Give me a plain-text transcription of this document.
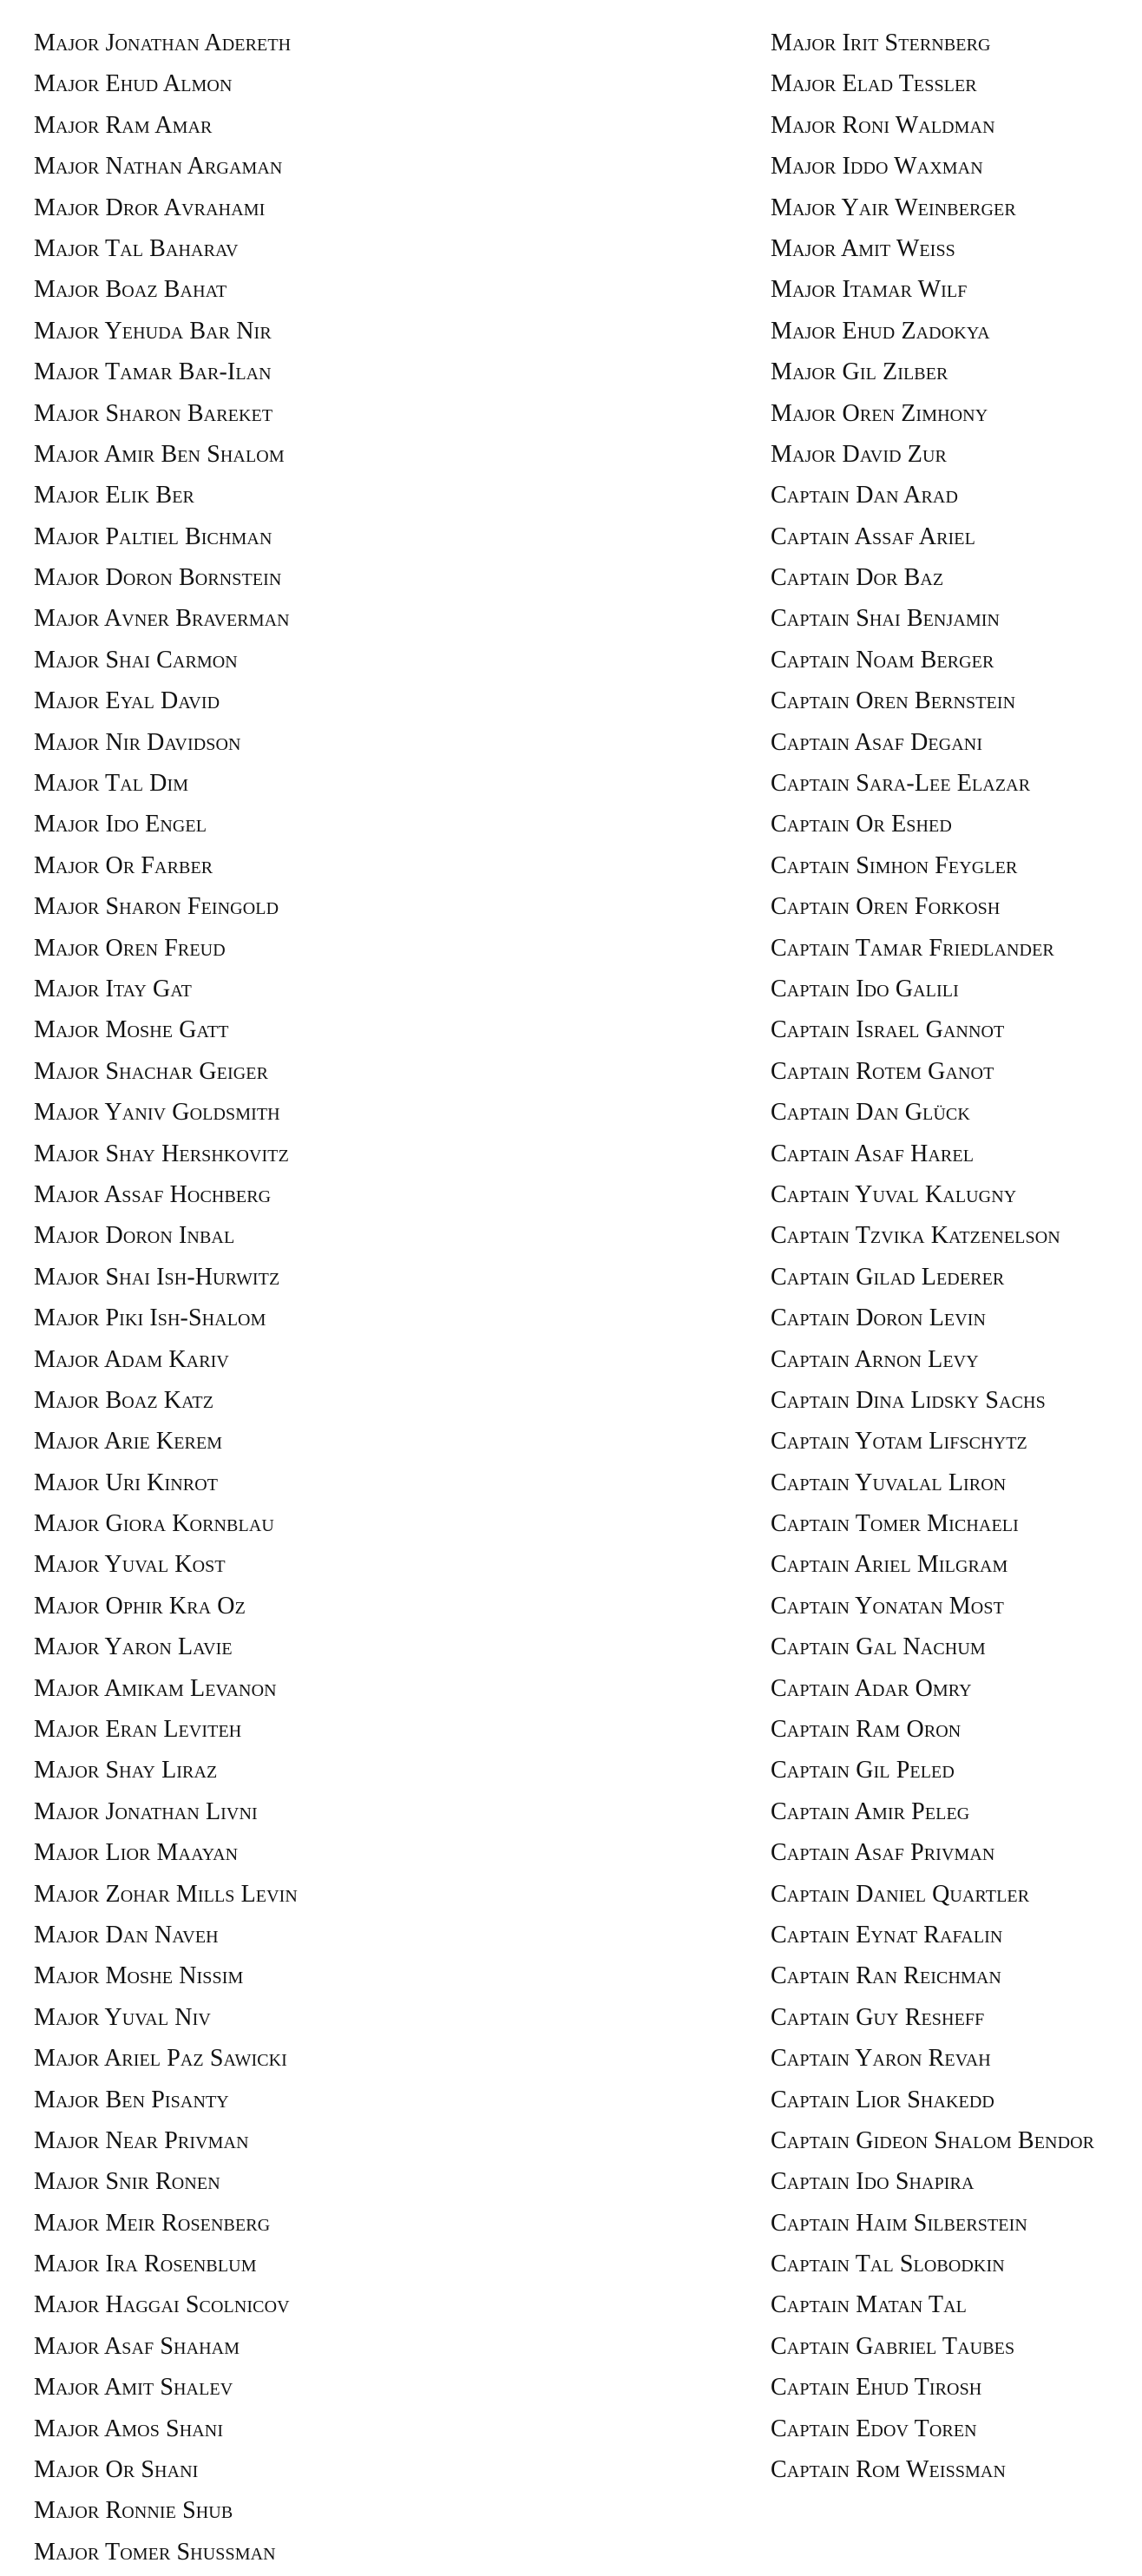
Major Jonathan Adereth
Major Ehud Almon
Major Ram Amar
Major Nathan Argaman
Major Dror Avrahami
Major Tal Baharav
Major Boaz Bahat
Major Yehuda Bar Nir
Major Tamar Bar-Ilan
Major Sharon Bareket
Major Amir Ben Shalom
Major Elik Ber
Major Paltiel Bichman
Major Doron Bornstein
Major Avner Braverman
Major Shai Carmon
Major Eyal David
Major Nir Davidson
Major Tal Dim
Major Ido Engel
Major Or Farber
Major Sharon Feingold
Major Oren Freud
Major Itay Gat
Major Moshe Gatt
Major Shachar Geiger
Major Yaniv Goldsmith
Major Shay Hershkovitz
Major Assaf Hochberg
Major Doron Inbal
Major Shai Ish-Hurwitz
Major Piki Ish-Shalom
Major Adam Kariv
Major Boaz Katz
Major Arie Kerem
Major Uri Kinrot
Major Giora Kornblau
Major Yuval Kost
Major Ophir Kra Oz
Major Yaron Lavie
Major Amikam Levanon
Major Eran Leviteh
Major Shay Liraz
Major Jonathan Livni
Major Lior Maayan
Major Zohar Mills Levin
Major Dan Naveh
Major Moshe Nissim
Major Yuval Niv
Major Ariel Paz Sawicki
Major Ben Pisanty
Major Near Privman
Major Snir Ronen
Major Meir Rosenberg
Major Ira Rosenblum
Major Haggai Scolnicov
Major Asaf Shaham
Major Amit Shalev
Major Amos Shani
Major Or Shani
Major Ronnie Shub
Major Tomer Shussman
Major Irit Sternberg
Major Elad Tessler
Major Roni Waldman
Major Iddo Waxman
Major Yair Weinberger
Major Amit Weiss
Major Itamar Wilf
Major Ehud Zadokya
Major Gil Zilber
Major Oren Zimhony
Major David Zur
Captain Dan Arad
Captain Assaf Ariel
Captain Dor Baz
Captain Shai Benjamin
Captain Noam Berger
Captain Oren Bernstein
Captain Asaf Degani
Captain Sara-Lee Elazar
Captain Or Eshed
Captain Simhon Feygler
Captain Oren Forkosh
Captain Tamar Friedlander
Captain Ido Galili
Captain Israel Gannot
Captain Rotem Ganot
Captain Dan Glück
Captain Asaf Harel
Captain Yuval Kalugny
Captain Tzvika Katzenelson
Captain Gilad Lederer
Captain Doron Levin
Captain Arnon Levy
Captain Dina Lidsky Sachs
Captain Yotam Lifschytz
Captain Yuvalal Liron
Captain Tomer Michaeli
Captain Ariel Milgram
Captain Yonatan Most
Captain Gal Nachum
Captain Adar Omry
Captain Ram Oron
Captain Gil Peled
Captain Amir Peleg
Captain Asaf Privman
Captain Daniel Quartler
Captain Eynat Rafalin
Captain Ran Reichman
Captain Guy Resheff
Captain Yaron Revah
Captain Lior Shakedd
Captain Gideon Shalom Bendor
Captain Ido Shapira
Captain Haim Silberstein
Captain Tal Slobodkin
Captain Matan Tal
Captain Gabriel Taubes
Captain Ehud Tirosh
Captain Edov Toren
Captain Rom Weissman
